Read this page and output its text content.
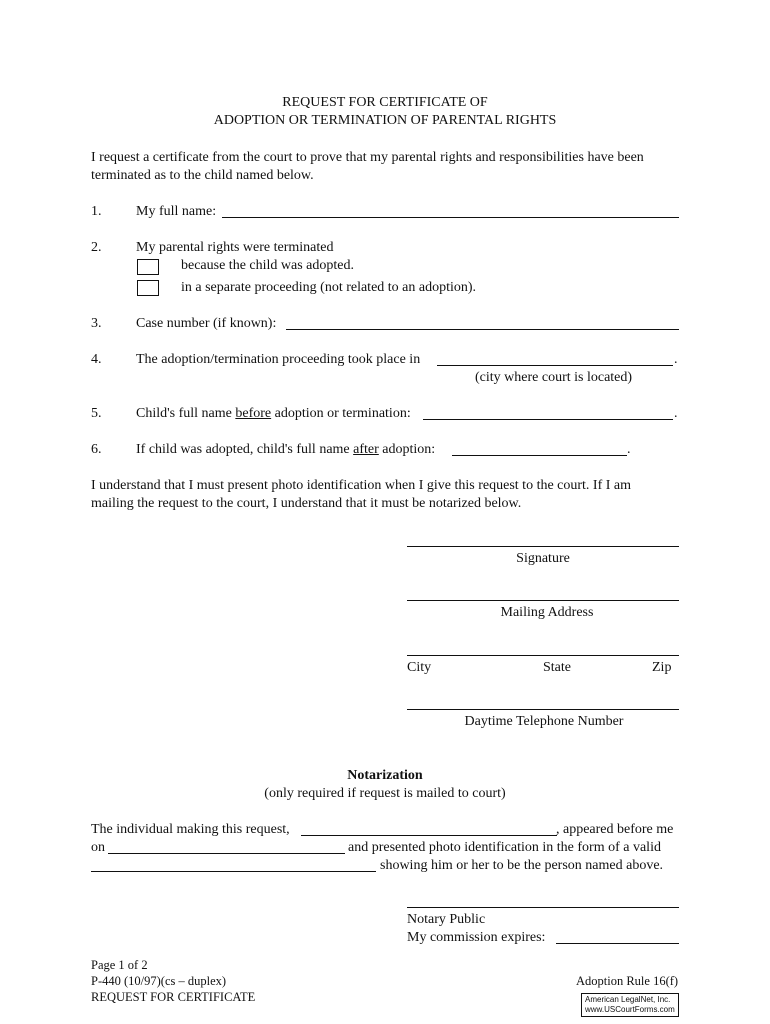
REQUEST FOR CERTIFICATE OF
ADOPTION OR TERMINATION OF PARENTAL RIGHTS
I request a certificate from the court to prove that my parental rights and responsibilities have been
terminated as to the child named below.
1. My full name:
2. My parental rights were terminated
because the child was adopted.
in a separate proceeding (not related to an adoption).
3. Case number (if known):
4. The adoption/termination proceeding took place in	.
(city where court is located)
5. Child's full name before adoption or termination:	.
6. If child was adopted, child's full name after adoption:	.
I understand that I must present photo identification when I give this request to the court. If I am
mailing the request to the court, I understand that it must be notarized below.
Signature
Mailing Address
City	State	Zip
Daytime Telephone Number
Notarization
(only required if request is mailed to court)
The individual making this request,	, appeared before me
on	and presented photo identification in the form of a valid
showing him or her to be the person named above.
Notary Public
My commission expires:
Page 1 of 2
P-440 (10/97)(cs – duplex)
REQUEST FOR CERTIFICATE
Adoption Rule 16(f)
American LegalNet, Inc.
www.USCourtForms.com
